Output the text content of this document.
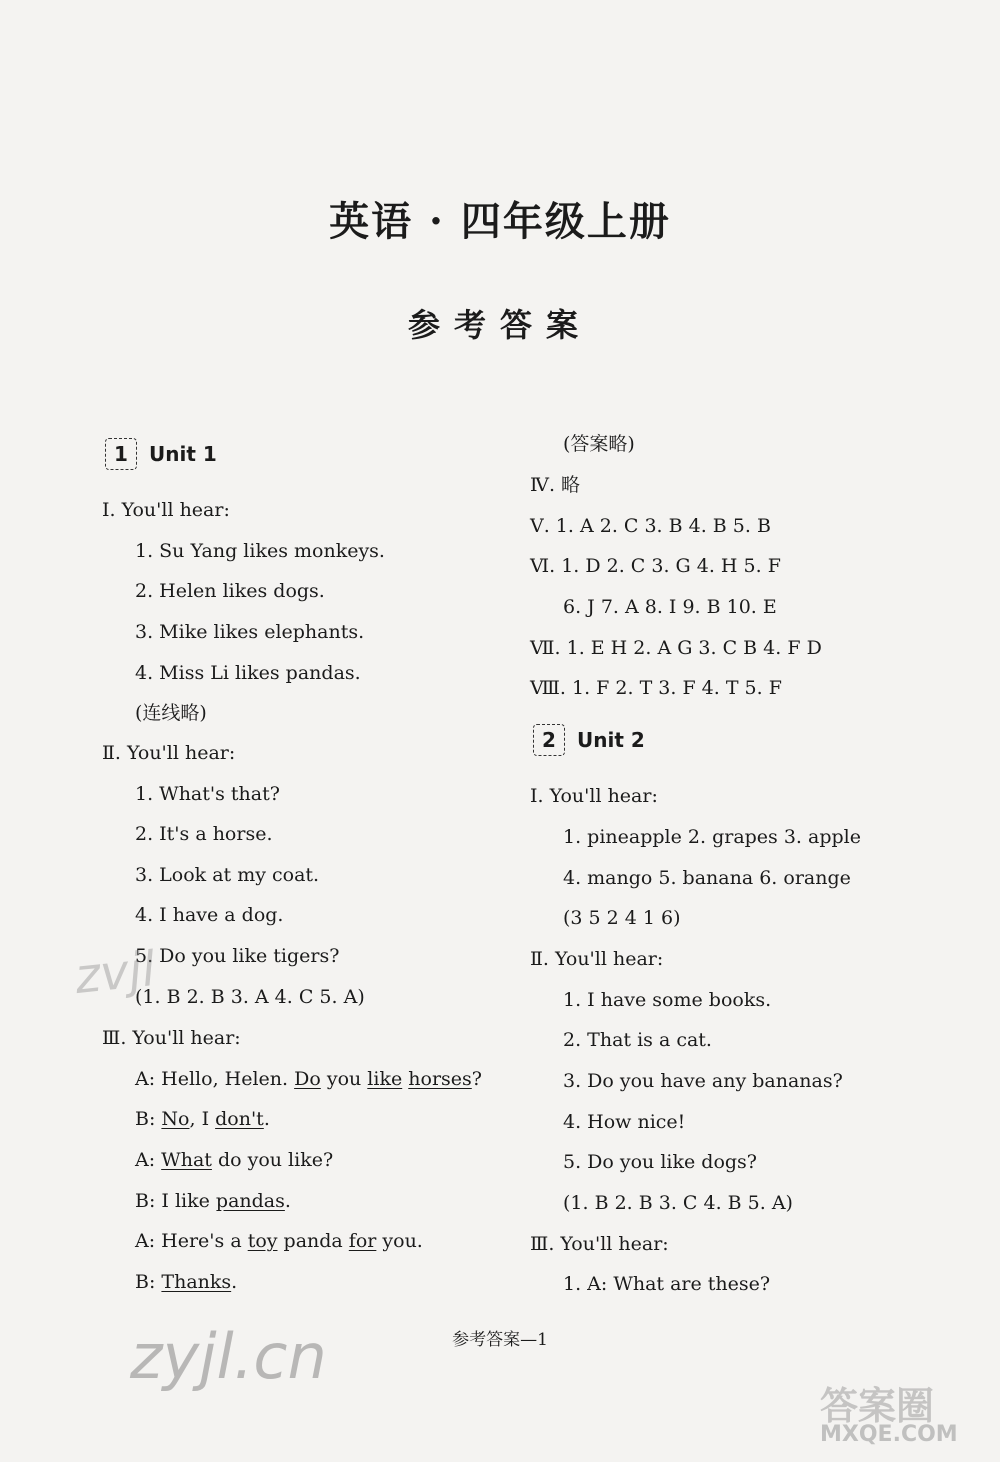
英语 · 四年级上册
参考答案
1	Unit 1
Ⅰ. You'll hear:
1. Su Yang likes monkeys.
2. Helen likes dogs.
3. Mike likes elephants.
4. Miss Li likes pandas.
(连线略)
Ⅱ. You'll hear:
1. What's that?
2. It's a horse.
3. Look at my coat.
4. I have a dog.
5. Do you like tigers?
(1. B 2. B 3. A 4. C 5. A)
Ⅲ. You'll hear:
A: Hello, Helen. Do you like horses?
B: No, I don't.
A: What do you like?
B: I like pandas.
A: Here's a toy panda for you.
B: Thanks.
(答案略)
Ⅳ. 略
Ⅴ. 1. A 2. C 3. B 4. B 5. B
Ⅵ. 1. D 2. C 3. G 4. H 5. F
6. J 7. A 8. I 9. B 10. E
Ⅶ. 1. E H 2. A G 3. C B 4. F D
Ⅷ. 1. F 2. T 3. F 4. T 5. F
2	Unit 2
Ⅰ. You'll hear:
1. pineapple 2. grapes 3. apple
4. mango 5. banana 6. orange
(3 5 2 4 1 6)
Ⅱ. You'll hear:
1. I have some books.
2. That is a cat.
3. Do you have any bananas?
4. How nice!
5. Do you like dogs?
(1. B 2. B 3. C 4. B 5. A)
Ⅲ. You'll hear:
1. A: What are these?
参考答案—1
zvjl
zyjl.cn
答案圈
MXQE.COM
